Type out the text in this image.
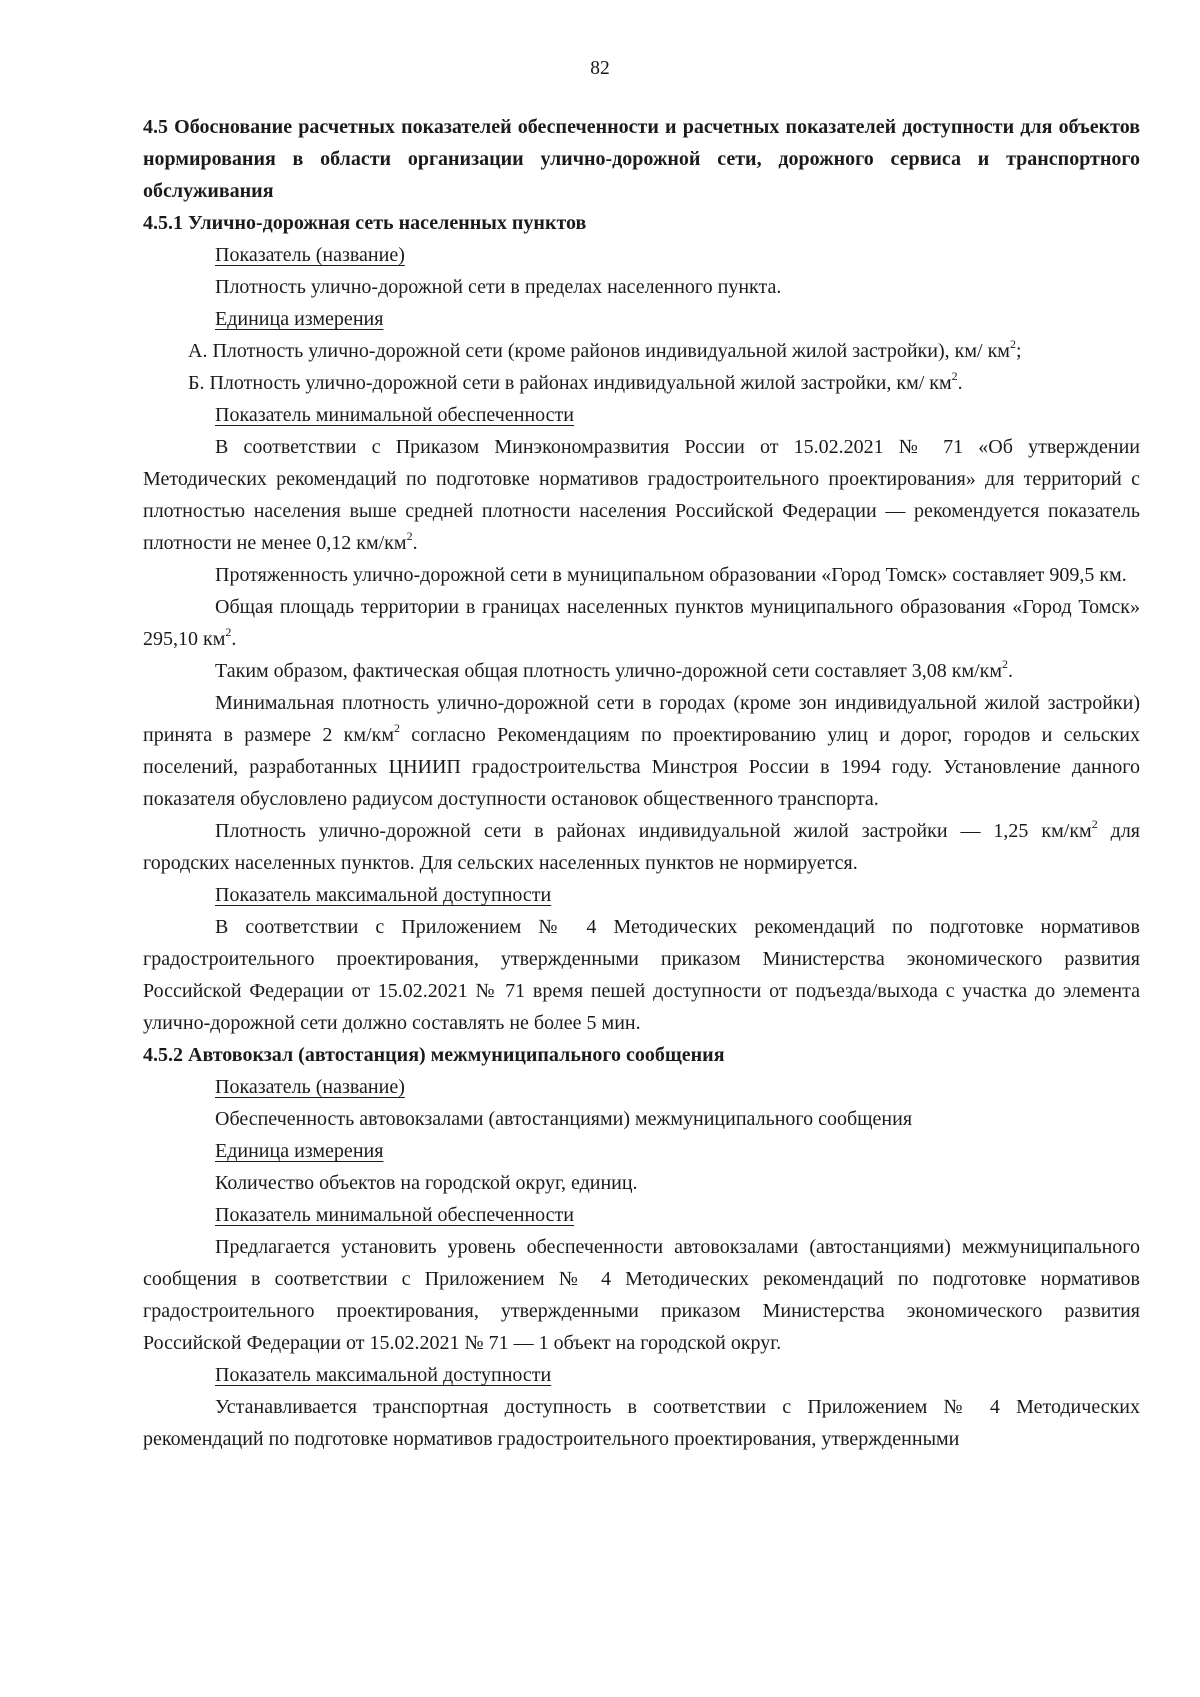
82

4.5 Обоснование расчетных показателей обеспеченности и расчетных показателей доступности для объектов нормирования в области организации улично-дорожной сети, дорожного сервиса и транспортного обслуживания

4.5.1 Улично-дорожная сеть населенных пунктов

Показатель (название)

Плотность улично-дорожной сети в пределах населенного пункта.

Единица измерения

А. Плотность улично-дорожной сети (кроме районов индивидуальной жилой застройки), км/ $км^2$;

Б. Плотность улично-дорожной сети в районах индивидуальной жилой застройки, км/ $км^2$.

Показатель минимальной обеспеченности

В соответствии с Приказом Минэкономразвития России от 15.02.2021 № 71 «Об утверждении Методических рекомендаций по подготовке нормативов градостроительного проектирования» для территорий с плотностью населения выше средней плотности населения Российской Федерации — рекомендуется показатель плотности не менее 0,12 $км/км^2$.

Протяженность улично-дорожной сети в муниципальном образовании «Город Томск» составляет 909,5 км.

Общая площадь территории в границах населенных пунктов муниципального образования «Город Томск» 295,10 $км^2$.

Таким образом, фактическая общая плотность улично-дорожной сети составляет 3,08 $км/км^2$.

Минимальная плотность улично-дорожной сети в городах (кроме зон индивидуальной жилой застройки) принята в размере 2 $км/км^2$ согласно Рекомендациям по проектированию улиц и дорог, городов и сельских поселений, разработанных ЦНИИП градостроительства Минстроя России в 1994 году. Установление данного показателя обусловлено радиусом доступности остановок общественного транспорта.

Плотность улично-дорожной сети в районах индивидуальной жилой застройки — 1,25 $км/км^2$ для городских населенных пунктов. Для сельских населенных пунктов не нормируется.

Показатель максимальной доступности

В соответствии с Приложением № 4 Методических рекомендаций по подготовке нормативов градостроительного проектирования, утвержденными приказом Министерства экономического развития Российской Федерации от 15.02.2021 № 71 время пешей доступности от подъезда/выхода с участка до элемента улично-дорожной сети должно составлять не более 5 мин.

4.5.2 Автовокзал (автостанция) межмуниципального сообщения

Показатель (название)

Обеспеченность автовокзалами (автостанциями) межмуниципального сообщения

Единица измерения

Количество объектов на городской округ, единиц.

Показатель минимальной обеспеченности

Предлагается установить уровень обеспеченности автовокзалами (автостанциями) межмуниципального сообщения в соответствии с Приложением № 4 Методических рекомендаций по подготовке нормативов градостроительного проектирования, утвержденными приказом Министерства экономического развития Российской Федерации от 15.02.2021 № 71 — 1 объект на городской округ.

Показатель максимальной доступности

Устанавливается транспортная доступность в соответствии с Приложением № 4 Методических рекомендаций по подготовке нормативов градостроительного проектирования, утвержденными
